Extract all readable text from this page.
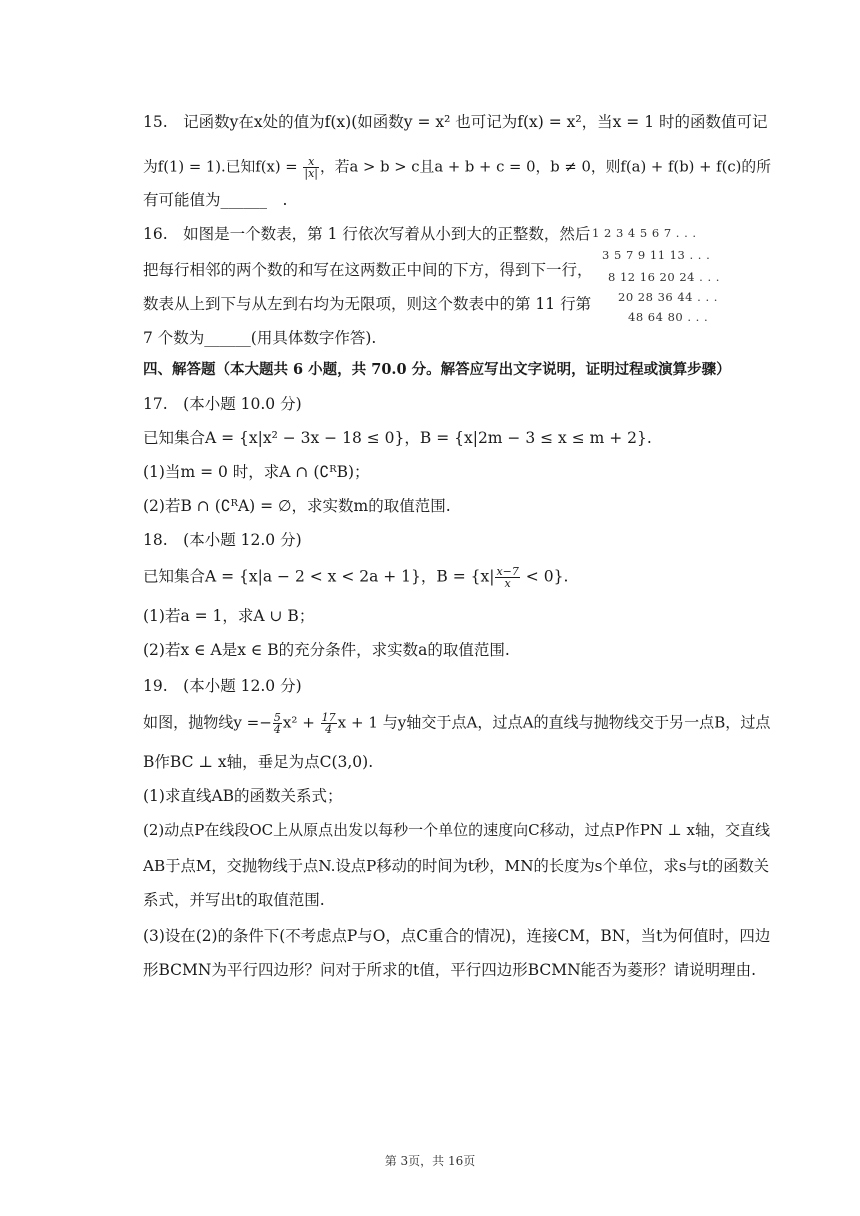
15.　记函数y在x处的值为f(x)(如函数y = x² 也可记为f(x) = x²，当x = 1 时的函数值可记
为f(1) = 1).已知$f(x) = \frac{x}{|x|}$ ，若a > b > c且a + b + c = 0，b ≠ 0，则f(a) + f(b) + f(c)的所
有可能值为______　.
16.　如图是一个数表，第 1 行依次写着从小到大的正整数，然后
把每行相邻的两个数的和写在这两数正中间的下方，得到下一行，
数表从上到下与从左到右均为无限项，则这个数表中的第 11 行第
7 个数为______(用具体数字作答).
1 2 3 4 5 6 7 . . .
3 5 7 9 11 13 . . .
8 12 16 20 24 . . .
20 28 36 44 . . .
48 64 80 . . .
四、解答题（本大题共 6 小题，共 70.0 分。解答应写出文字说明，证明过程或演算步骤）
17.　(本小题 10.0 分)
已知集合A = {x|x² − 3x − 18 ≤ 0}，B = {x|2m − 3 ≤ x ≤ m + 2}.
(1)当m = 0 时，求A ∩ (∁ᴿB)；
(2)若B ∩ (∁ᴿA) = ∅，求实数m的取值范围.
18.　(本小题 12.0 分)
已知集合A = {x|a − 2 < x < 2a + 1}，$B = \{x| \frac{x-7}{x} < 0\}$.
(1)若a = 1，求A ∪ B；
(2)若x ∈ A是x ∈ B的充分条件，求实数a的取值范围.
19.　(本小题 12.0 分)
如图，抛物线$y =- \frac{5}{4} x^2 + \frac{17}{4}$ x + 1 与y轴交于点A，过点A的直线与抛物线交于另一点B，过点
B作BC ⊥ x轴，垂足为点C(3,0).
(1)求直线AB的函数关系式；
(2)动点P在线段OC上从原点出发以每秒一个单位的速度向C移动，过点P作PN ⊥ x轴，交直线
AB于点M，交抛物线于点N.设点P移动的时间为t秒，MN的长度为s个单位，求s与t的函数关
系式，并写出t的取值范围.
(3)设在(2)的条件下(不考虑点P与O，点C重合的情况)，连接CM，BN，当t为何值时，四边
形BCMN为平行四边形？问对于所求的t值，平行四边形BCMN能否为菱形？请说明理由.
第 3页，共 16页
